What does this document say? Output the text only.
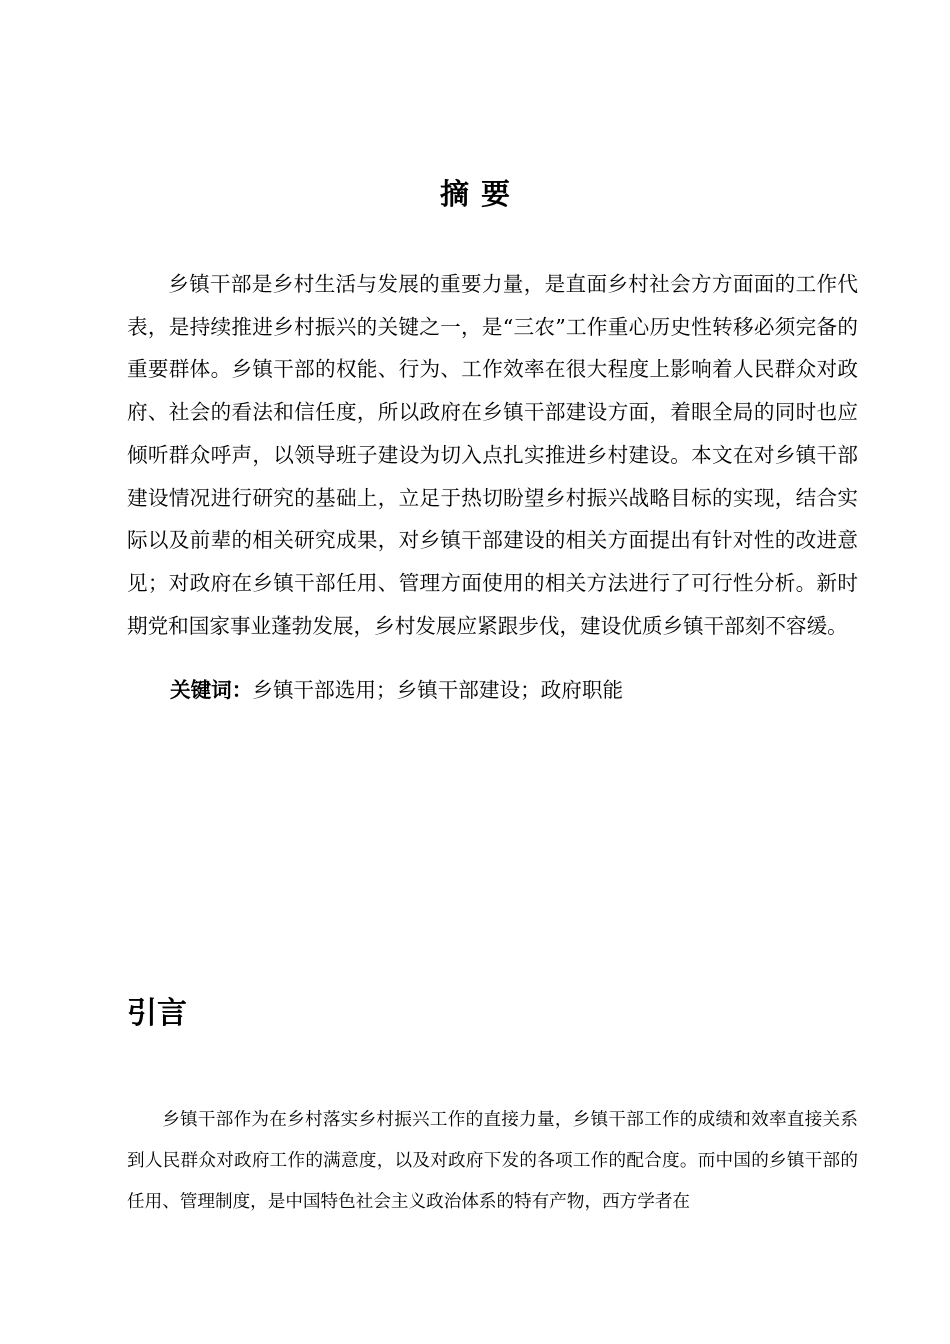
摘要

乡镇干部是乡村生活与发展的重要力量，是直面乡村社会方方面面的工作代表，是持续推进乡村振兴的关键之一，是“三农”工作重心历史性转移必须完备的重要群体。乡镇干部的权能、行为、工作效率在很大程度上影响着人民群众对政府、社会的看法和信任度，所以政府在乡镇干部建设方面，着眼全局的同时也应倾听群众呼声，以领导班子建设为切入点扎实推进乡村建设。本文在对乡镇干部建设情况进行研究的基础上，立足于热切盼望乡村振兴战略目标的实现，结合实际以及前辈的相关研究成果，对乡镇干部建设的相关方面提出有针对性的改进意见；对政府在乡镇干部任用、管理方面使用的相关方法进行了可行性分析。新时期党和国家事业蓬勃发展，乡村发展应紧跟步伐，建设优质乡镇干部刻不容缓。

关键词：乡镇干部选用；乡镇干部建设；政府职能

引言

乡镇干部作为在乡村落实乡村振兴工作的直接力量，乡镇干部工作的成绩和效率直接关系到人民群众对政府工作的满意度，以及对政府下发的各项工作的配合度。而中国的乡镇干部的任用、管理制度，是中国特色社会主义政治体系的特有产物，西方学者在
